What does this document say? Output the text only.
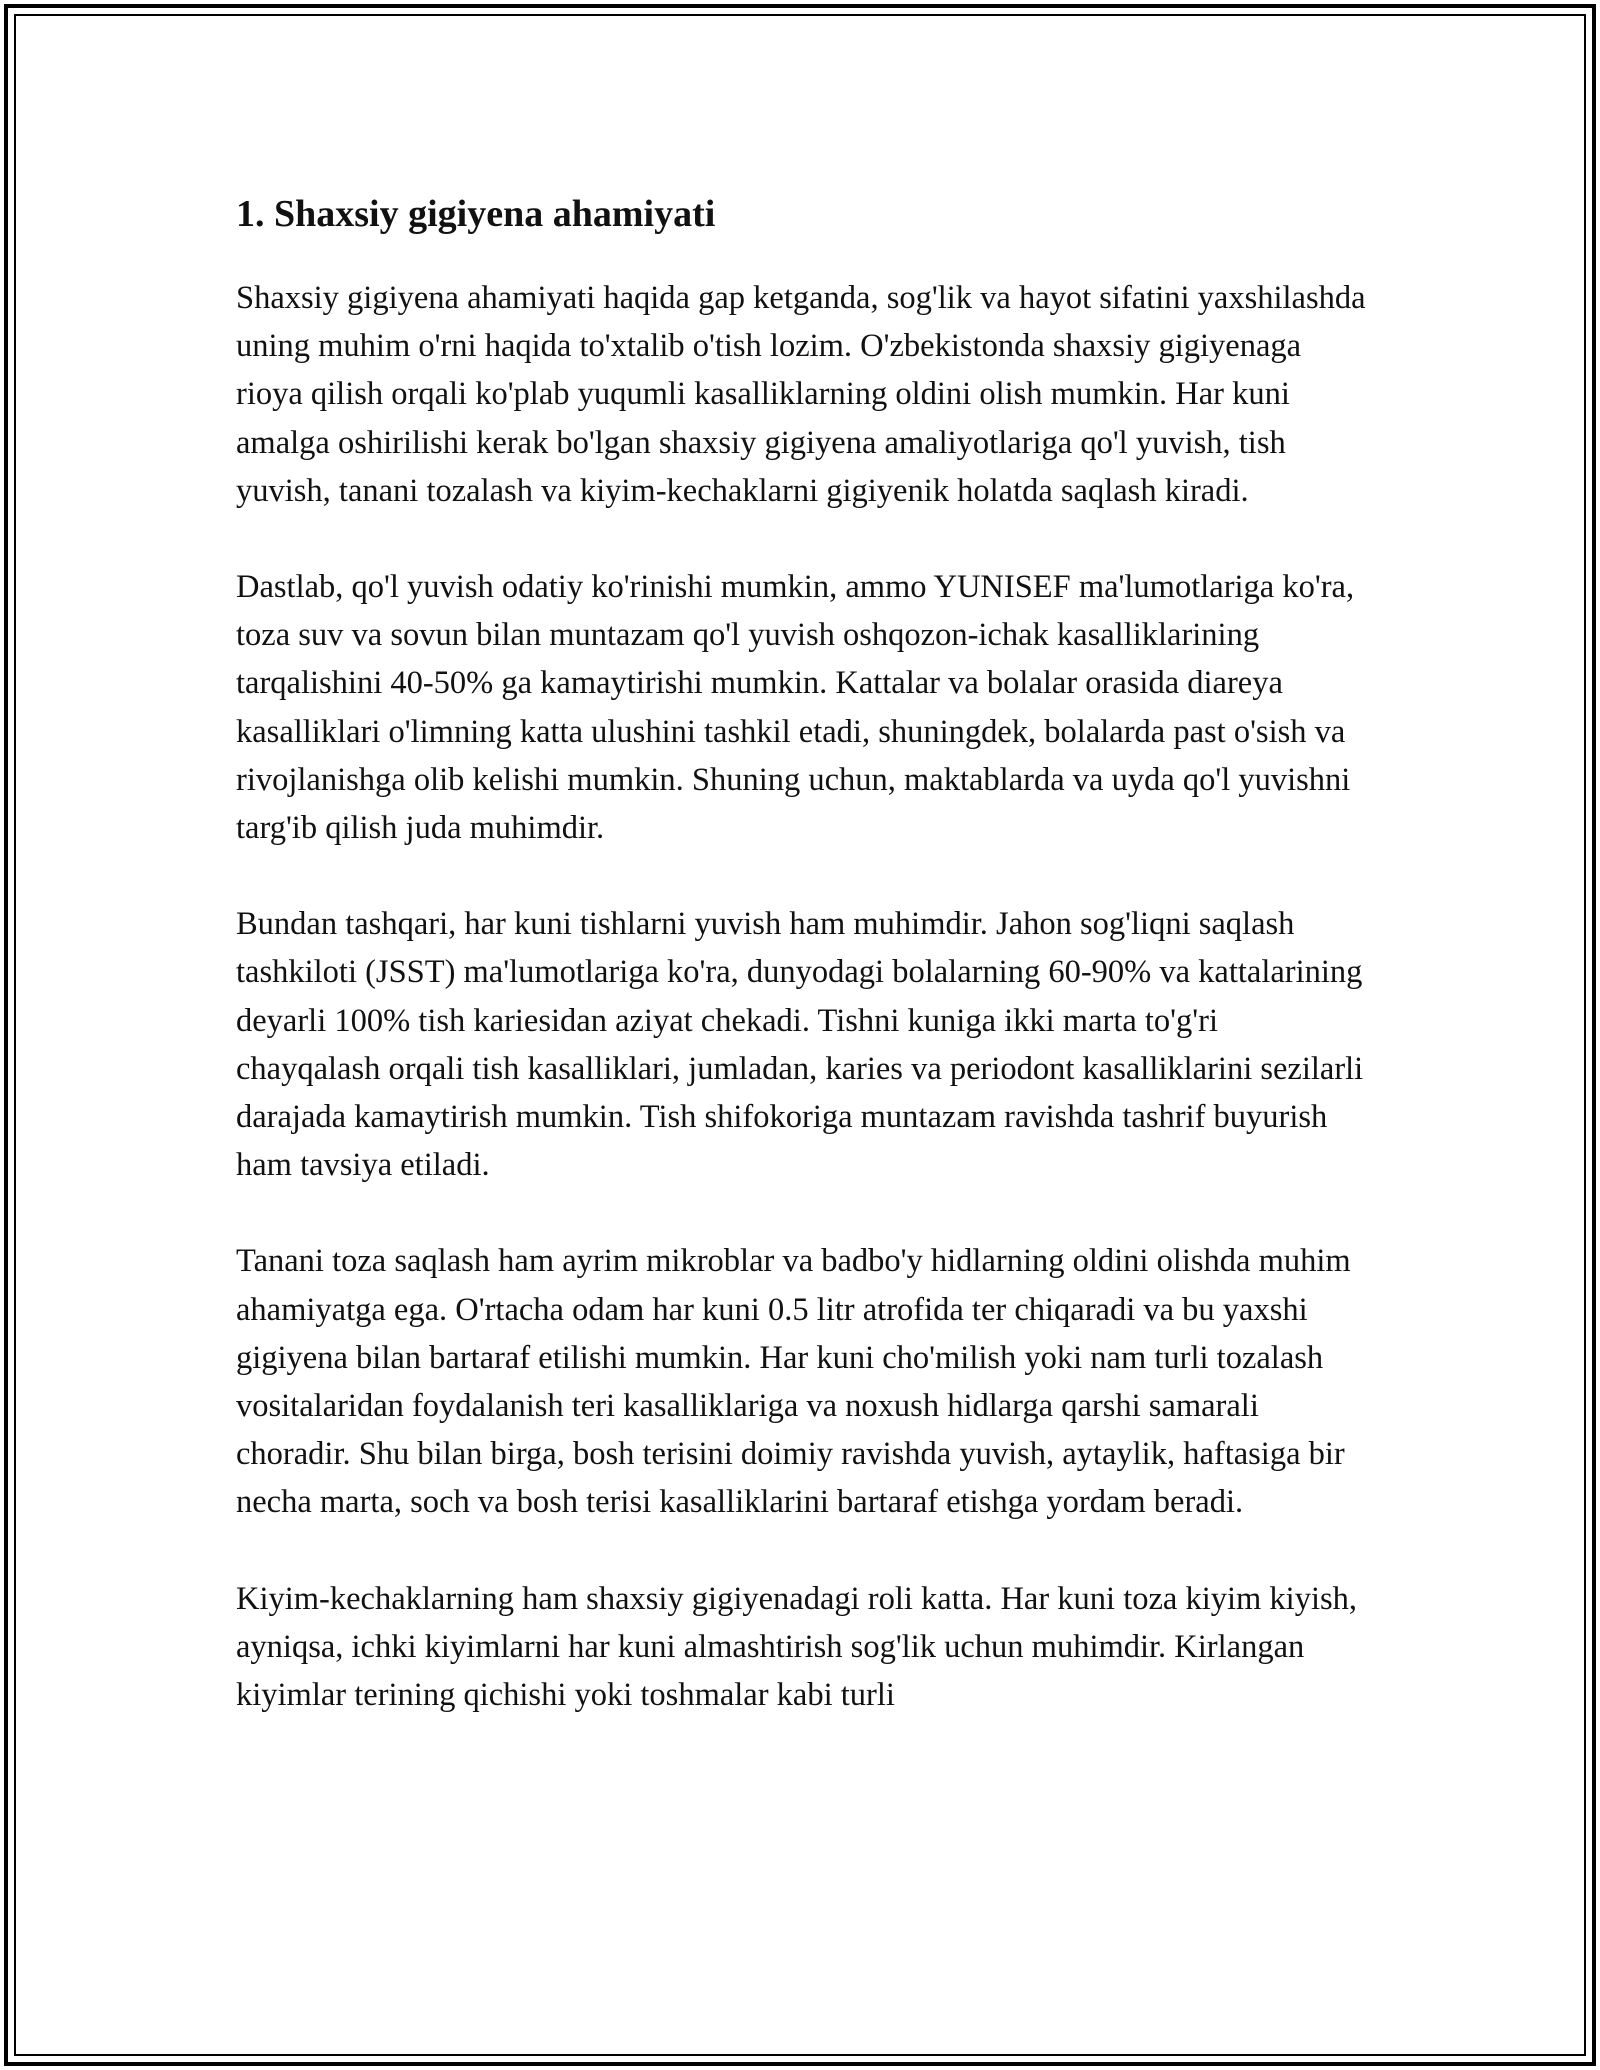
1. Shaxsiy gigiyena ahamiyati

Shaxsiy gigiyena ahamiyati haqida gap ketganda, sog'lik va hayot sifatini yaxshilashda uning muhim o'rni haqida to'xtalib o'tish lozim. O'zbekistonda shaxsiy gigiyenaga rioya qilish orqali ko'plab yuqumli kasalliklarning oldini olish mumkin. Har kuni amalga oshirilishi kerak bo'lgan shaxsiy gigiyena amaliyotlariga qo'l yuvish, tish yuvish, tanani tozalash va kiyim-kechaklarni gigiyenik holatda saqlash kiradi.

Dastlab, qo'l yuvish odatiy ko'rinishi mumkin, ammo YUNISEF ma'lumotlariga ko'ra, toza suv va sovun bilan muntazam qo'l yuvish oshqozon-ichak kasalliklarining tarqalishini 40-50% ga kamaytirishi mumkin. Kattalar va bolalar orasida diareya kasalliklari o'limning katta ulushini tashkil etadi, shuningdek, bolalarda past o'sish va rivojlanishga olib kelishi mumkin. Shuning uchun, maktablarda va uyda qo'l yuvishni targ'ib qilish juda muhimdir.

Bundan tashqari, har kuni tishlarni yuvish ham muhimdir. Jahon sog'liqni saqlash tashkiloti (JSST) ma'lumotlariga ko'ra, dunyodagi bolalarning 60-90% va kattalarining deyarli 100% tish kariesidan aziyat chekadi. Tishni kuniga ikki marta to'g'ri chayqalash orqali tish kasalliklari, jumladan, karies va periodont kasalliklarini sezilarli darajada kamaytirish mumkin. Tish shifokoriga muntazam ravishda tashrif buyurish ham tavsiya etiladi.

Tanani toza saqlash ham ayrim mikroblar va badbo'y hidlarning oldini olishda muhim ahamiyatga ega. O'rtacha odam har kuni 0.5 litr atrofida ter chiqaradi va bu yaxshi gigiyena bilan bartaraf etilishi mumkin. Har kuni cho'milish yoki nam turli tozalash vositalaridan foydalanish teri kasalliklariga va noxush hidlarga qarshi samarali choradir. Shu bilan birga, bosh terisini doimiy ravishda yuvish, aytaylik, haftasiga bir necha marta, soch va bosh terisi kasalliklarini bartaraf etishga yordam beradi.

Kiyim-kechaklarning ham shaxsiy gigiyenadagi roli katta. Har kuni toza kiyim kiyish, ayniqsa, ichki kiyimlarni har kuni almashtirish sog'lik uchun muhimdir. Kirlangan kiyimlar terining qichishi yoki toshmalar kabi turli
